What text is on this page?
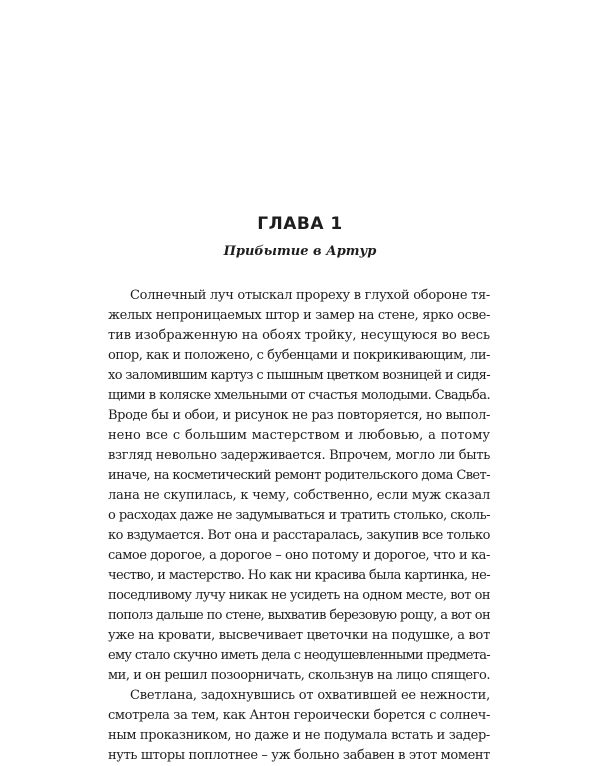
ГЛАВА 1
Прибытие в Артур
Солнечный луч отыскал прореху в глухой обороне тя-
желых непроницаемых штор и замер на стене, ярко осве-
тив изображенную на обоях тройку, несущуюся во весь
опор, как и положено, с бубенцами и покрикивающим, ли-
хо заломившим картуз с пышным цветком возницей и сидя-
щими в коляске хмельными от счастья молодыми. Свадьба.
Вроде бы и обои, и рисунок не раз повторяется, но выпол-
нено все с большим мастерством и любовью, а потому
взгляд невольно задерживается. Впрочем, могло ли быть
иначе, на косметический ремонт родительского дома Свет-
лана не скупилась, к чему, собственно, если муж сказал
о расходах даже не задумываться и тратить столько, сколь-
ко вздумается. Вот она и расстаралась, закупив все только
самое дорогое, а дорогое – оно потому и дорогое, что и ка-
чество, и мастерство. Но как ни красива была картинка, не-
поседливому лучу никак не усидеть на одном месте, вот он
пополз дальше по стене, выхватив березовую рощу, а вот он
уже на кровати, высвечивает цветочки на подушке, а вот
ему стало скучно иметь дела с неодушевленными предмета-
ми, и он решил позоорничать, скользнув на лицо спящего.
Светлана, задохнувшись от охватившей ее нежности,
смотрела за тем, как Антон героически борется с солнеч-
ным проказником, но даже и не подумала встать и задер-
нуть шторы поплотнее – уж больно забавен в этот момент
